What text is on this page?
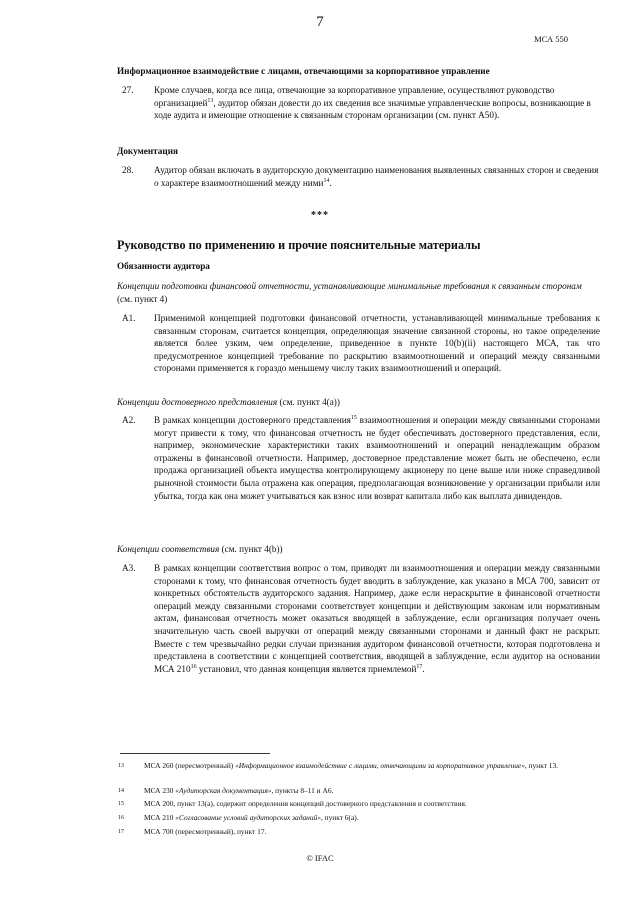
7
МСА 550
Информационное взаимодействие с лицами, отвечающими за корпоративное управление
27. Кроме случаев, когда все лица, отвечающие за корпоративное управление, осуществляют руководство организацией$^{13}$, аудитор обязан довести до их сведения все значимые управленческие вопросы, возникающие в ходе аудита и имеющие отношение к связанным сторонам организации (см. пункт А50).
Документация
28. Аудитор обязан включать в аудиторскую документацию наименования выявленных связанных сторон и сведения о характере взаимоотношений между ними$^{14}$.
***
Руководство по применению и прочие пояснительные материалы
Обязанности аудитора
Концепции подготовки финансовой отчетности, устанавливающие минимальные требования к связанным сторонам (см. пункт 4)
A1. Применимой концепцией подготовки финансовой отчетности, устанавливающей минимальные требования к связанным сторонам, считается концепция, определяющая значение связанной стороны, но такое определение является более узким, чем определение, приведенное в пункте 10(b)(ii) настоящего МСА, так что предусмотренное концепцией требование по раскрытию взаимоотношений и операций между связанными сторонами применяется к гораздо меньшему числу таких взаимоотношений и операций.
Концепции достоверного представления (см. пункт 4(a))
A2. В рамках концепции достоверного представления$^{15}$ взаимоотношения и операции между связанными сторонами могут привести к тому, что финансовая отчетность не будет обеспечивать достоверного представления, если, например, экономические характеристики таких взаимоотношений и операций ненадлежащим образом отражены в финансовой отчетности. Например, достоверное представление может быть не обеспечено, если продажа организацией объекта имущества контролирующему акционеру по цене выше или ниже справедливой рыночной стоимости была отражена как операция, предполагающая возникновение у организации прибыли или убытка, тогда как она может учитываться как взнос или возврат капитала либо как выплата дивидендов.
Концепции соответствия (см. пункт 4(b))
A3. В рамках концепции соответствия вопрос о том, приводят ли взаимоотношения и операции между связанными сторонами к тому, что финансовая отчетность будет вводить в заблуждение, как указано в МСА 700, зависит от конкретных обстоятельств аудиторского задания. Например, даже если нераскрытие в финансовой отчетности операций между связанными сторонами соответствует концепции и действующим законам или нормативным актам, финансовая отчетность может оказаться вводящей в заблуждение, если организация получает очень значительную часть своей выручки от операций между связанными сторонами и данный факт не раскрыт. Вместе с тем чрезвычайно редки случаи признания аудитором финансовой отчетности, которая подготовлена и представлена в соответствии с концепцией соответствия, вводящей в заблуждение, если аудитор на основании МСА $210^{16}$ установил, что данная концепция является приемлемой$^{17}$.
13	МСА 260 (пересмотренный) «Информационное взаимодействие с лицами, отвечающими за корпоративное управление», пункт 13.
14	МСА 230 «Аудиторская документация», пункты 8–11 и А6.
15	МСА 200, пункт 13(a), содержит определения концепций достоверного представления и соответствия.
16	МСА 210 «Согласование условий аудиторских заданий», пункт 6(a).
17	МСА 700 (пересмотренный), пункт 17.
© IFAC
